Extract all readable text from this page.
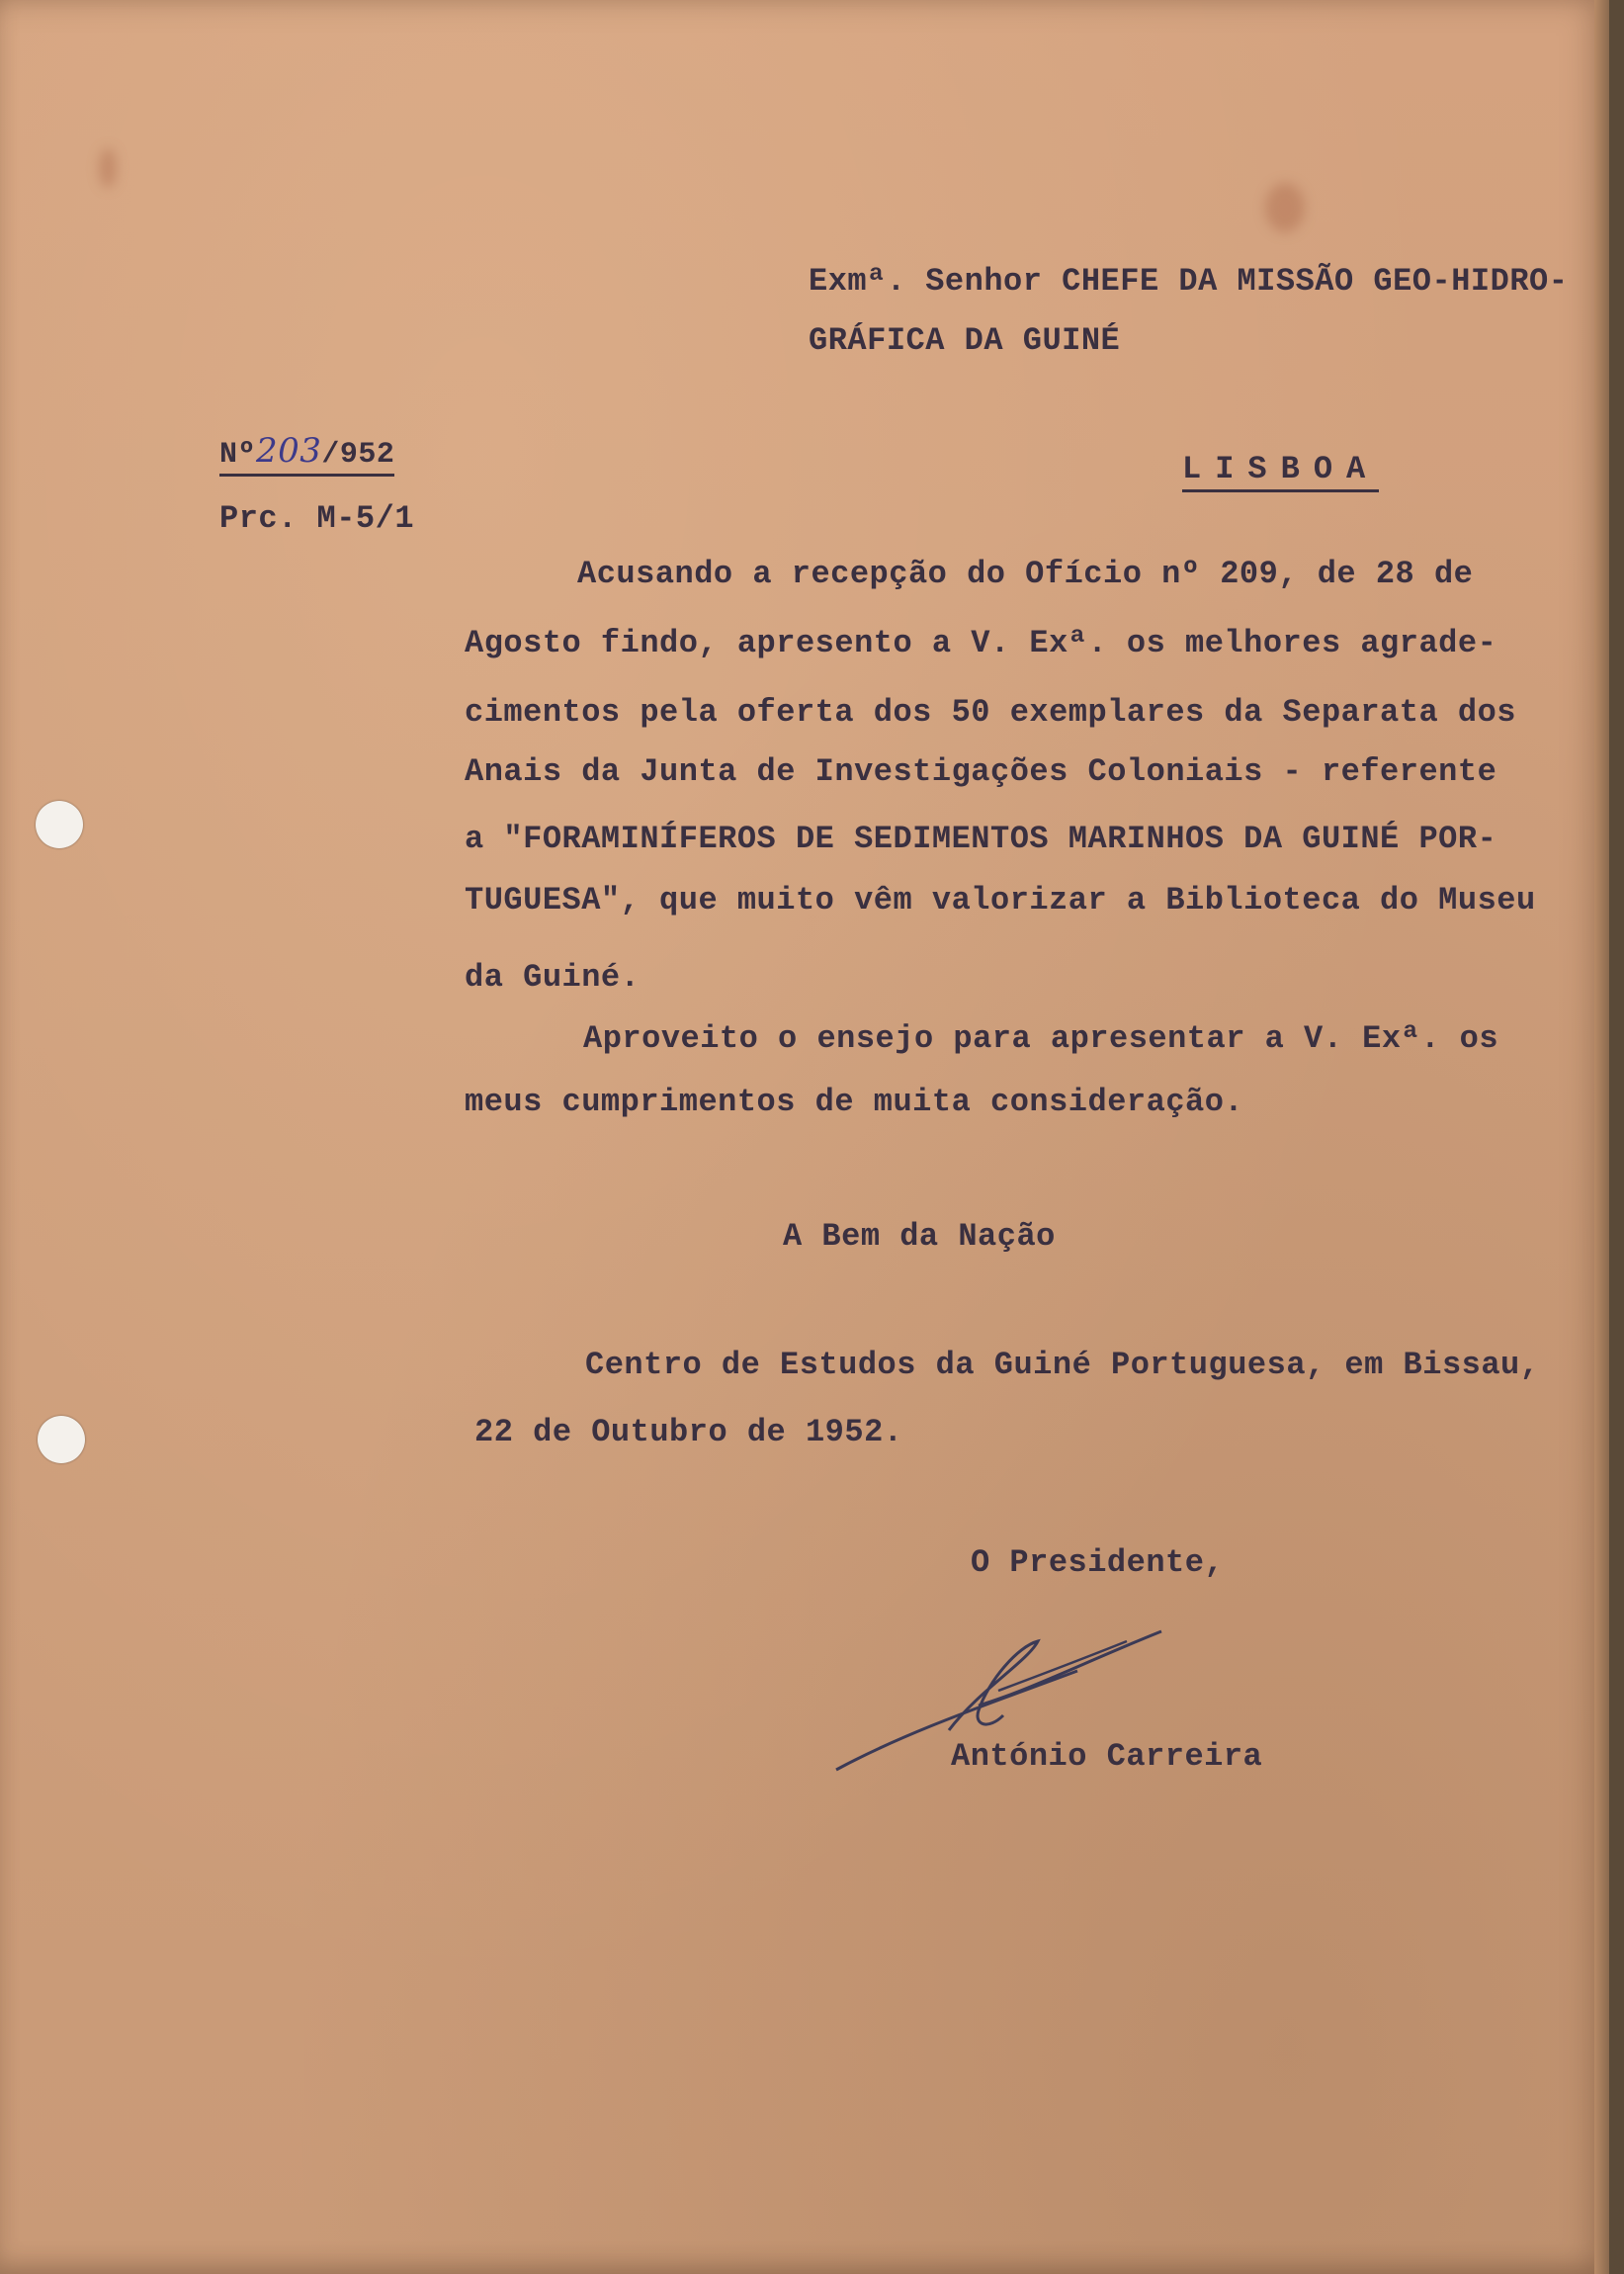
Exmª. Senhor CHEFE DA MISSÃO GEO-HIDRO-
GRÁFICA DA GUINÉ
Nº203/952
Prc. M-5/1
LISBOA
Acusando a recepção do Ofício nº 209, de 28 de
Agosto findo, apresento a V. Exª. os melhores agrade-
cimentos pela oferta dos 50 exemplares da Separata dos
Anais da Junta de Investigações Coloniais - referente
a "FORAMINÍFEROS DE SEDIMENTOS MARINHOS DA GUINÉ POR-
TUGUESA", que muito vêm valorizar a Biblioteca do Museu
da Guiné.
Aproveito o ensejo para apresentar a V. Exª. os
meus cumprimentos de muita consideração.
A Bem da Nação
Centro de Estudos da Guiné Portuguesa, em Bissau,
22 de Outubro de 1952.
O Presidente,
António Carreira
